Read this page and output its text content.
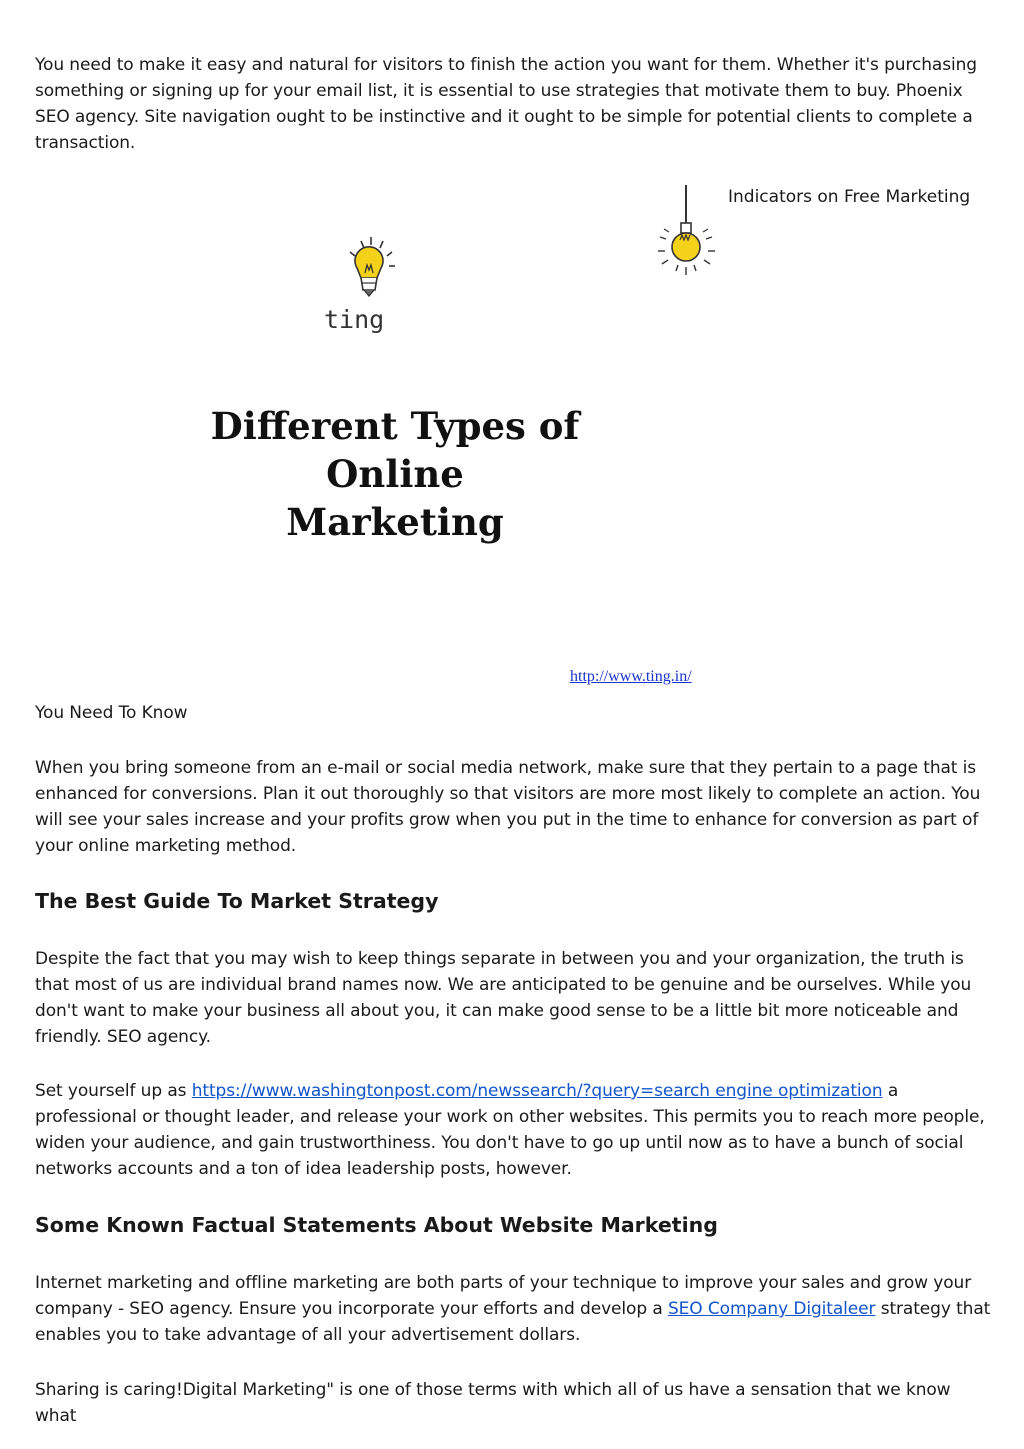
You need to make it easy and natural for visitors to finish the action you want for them. Whether it's purchasing something or signing up for your email list, it is essential to use strategies that motivate them to buy. Phoenix SEO agency. Site navigation ought to be instinctive and it ought to be simple for potential clients to complete a transaction.

Indicators on Free Marketing
ting
Different Types of Online
Marketing
http://www.ting.in/

You Need To Know

When you bring someone from an e-mail or social media network, make sure that they pertain to a page that is enhanced for conversions. Plan it out thoroughly so that visitors are more most likely to complete an action. You will see your sales increase and your profits grow when you put in the time to enhance for conversion as part of your online marketing method.

The Best Guide To Market Strategy

Despite the fact that you may wish to keep things separate in between you and your organization, the truth is that most of us are individual brand names now. We are anticipated to be genuine and be ourselves. While you don't want to make your business all about you, it can make good sense to be a little bit more noticeable and friendly. SEO agency.

Set yourself up as https://www.washingtonpost.com/newssearch/?query=search engine optimization a professional or thought leader, and release your work on other websites. This permits you to reach more people, widen your audience, and gain trustworthiness. You don't have to go up until now as to have a bunch of social networks accounts and a ton of idea leadership posts, however.

Some Known Factual Statements About Website Marketing

Internet marketing and offline marketing are both parts of your technique to improve your sales and grow your company - SEO agency. Ensure you incorporate your efforts and develop a SEO Company Digitaleer strategy that enables you to take advantage of all your advertisement dollars.

Sharing is caring!Digital Marketing" is one of those terms with which all of us have a sensation that we know what
